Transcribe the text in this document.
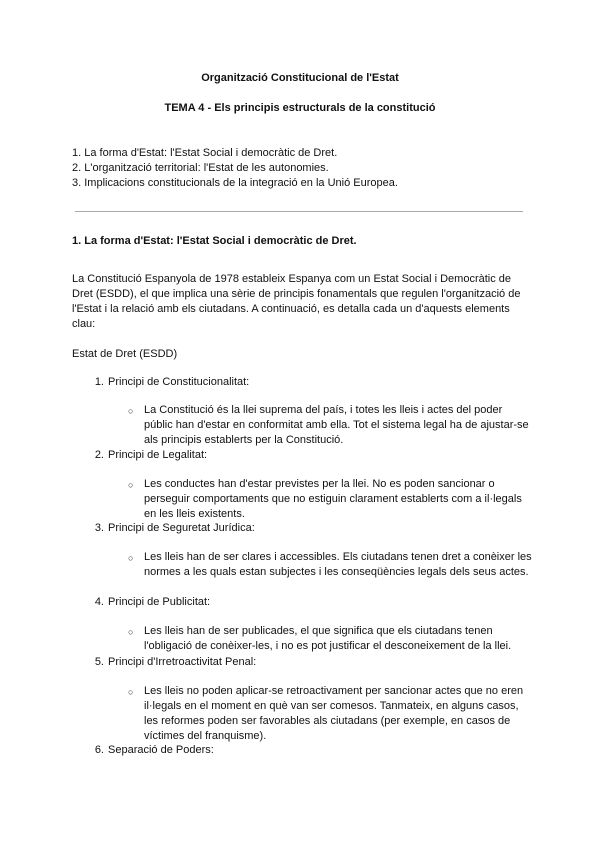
Organització Constitucional de l'Estat
TEMA 4 - Els principis estructurals de la constitució
1. La forma d'Estat: l'Estat Social i democràtic de Dret.
2. L'organització territorial: l'Estat de les autonomies.
3. Implicacions constitucionals de la integració en la Unió Europea.
1. La forma d'Estat: l'Estat Social i democràtic de Dret.
La Constitució Espanyola de 1978 estableix Espanya com un Estat Social i Democràtic de Dret (ESDD), el que implica una sèrie de principis fonamentals que regulen l'organització de l'Estat i la relació amb els ciutadans. A continuació, es detalla cada un d'aquests elements clau:
Estat de Dret (ESDD)
1. Principi de Constitucionalitat:
○ La Constitució és la llei suprema del país, i totes les lleis i actes del poder públic han d'estar en conformitat amb ella. Tot el sistema legal ha de ajustar-se als principis establerts per la Constitució.
2. Principi de Legalitat:
○ Les conductes han d'estar previstes per la llei. No es poden sancionar o perseguir comportaments que no estiguin clarament establerts com a il·legals en les lleis existents.
3. Principi de Seguretat Jurídica:
○ Les lleis han de ser clares i accessibles. Els ciutadans tenen dret a conèixer les normes a les quals estan subjectes i les conseqüències legals dels seus actes.
4. Principi de Publicitat:
○ Les lleis han de ser publicades, el que significa que els ciutadans tenen l'obligació de conèixer-les, i no es pot justificar el desconeixement de la llei.
5. Principi d'Irretroactivitat Penal:
○ Les lleis no poden aplicar-se retroactivament per sancionar actes que no eren il·legals en el moment en què van ser comesos. Tanmateix, en alguns casos, les reformes poden ser favorables als ciutadans (per exemple, en casos de víctimes del franquisme).
6. Separació de Poders:
